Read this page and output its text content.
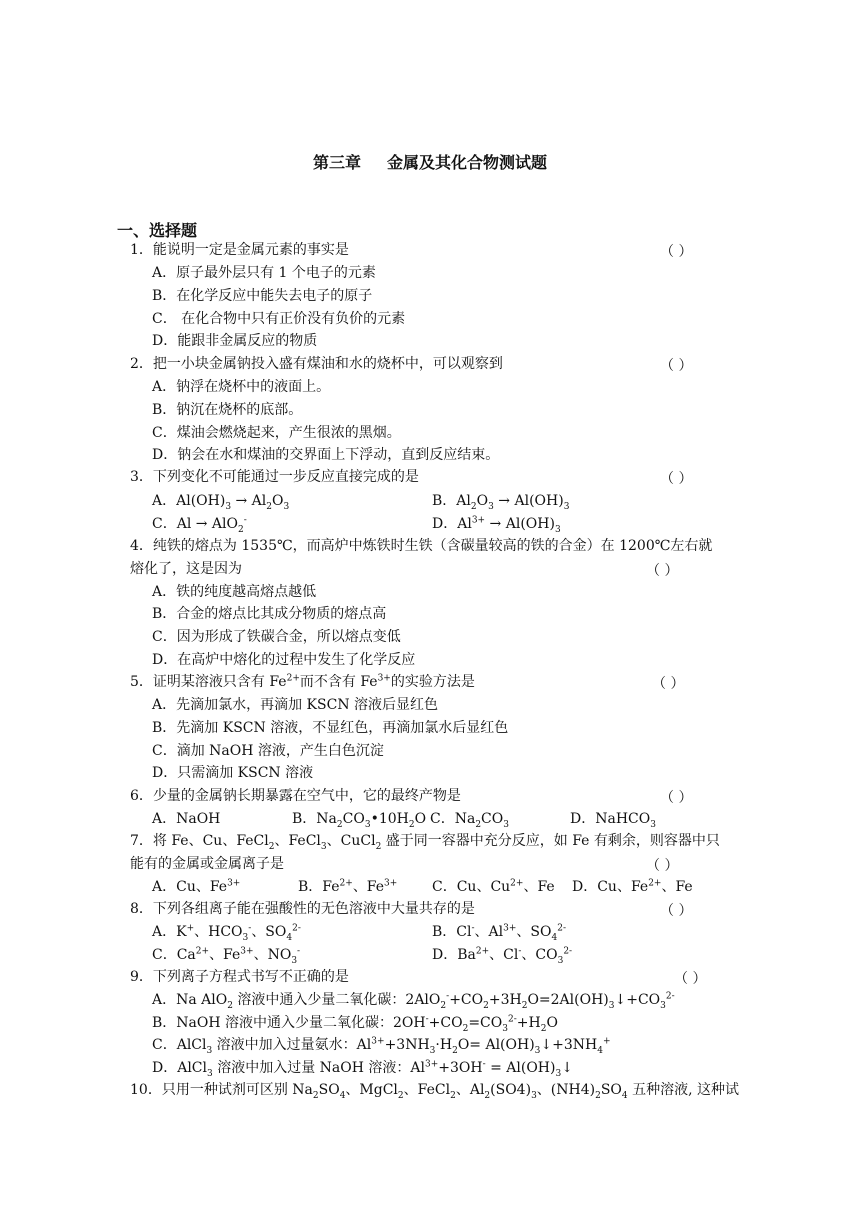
第三章 金属及其化合物测试题
一、选择题
1．能说明一定是金属元素的事实是	（ ）
A．原子最外层只有 1 个电子的元素
B．在化学反应中能失去电子的原子
C． 在化合物中只有正价没有负价的元素
D．能跟非金属反应的物质
2．把一小块金属钠投入盛有煤油和水的烧杯中，可以观察到	（ ）
A．钠浮在烧杯中的液面上。
B．钠沉在烧杯的底部。
C．煤油会燃烧起来，产生很浓的黑烟。
D．钠会在水和煤油的交界面上下浮动，直到反应结束。
3．下列变化不可能通过一步反应直接完成的是	（ ）
A．$Al(OH)_3 \to Al_2O_3$	B．$Al_2O_3 \to Al(OH)_3$
C．Al → AlO$_2$-	D．$Al^{3+} \to Al(OH)_3$
4．纯铁的熔点为 1535℃，而高炉中炼铁时生铁（含碳量较高的铁的合金）在 1200℃左右就
熔化了，这是因为	（ ）
A．铁的纯度越高熔点越低
B．合金的熔点比其成分物质的熔点高
C．因为形成了铁碳合金，所以熔点变低
D．在高炉中熔化的过程中发生了化学反应
5．证明某溶液只含有 $Fe^{2+}$而不含有 $Fe^{3+}$的实验方法是	（ ）
A．先滴加氯水，再滴加 KSCN 溶液后显红色
B．先滴加 KSCN 溶液，不显红色，再滴加氯水后显红色
C．滴加 NaOH 溶液，产生白色沉淀
D．只需滴加 KSCN 溶液
6．少量的金属钠长期暴露在空气中，它的最终产物是	（ ）
A．NaOH	B．$Na_2CO_3•10H_2O$ C．$Na_2CO_3$	D．NaHCO$_3$
7．将 Fe、Cu、FeCl$_2$、FeCl$_3$、CuCl$_2$ 盛于同一容器中充分反应，如 Fe 有剩余，则容器中只
能有的金属或金属离子是	（ ）
A．Cu、$Fe^{3+}$	B．$Fe^{2+}$、$Fe^{3+}$ C．Cu、$Cu^{2+}$、Fe D．Cu、$Fe^{2+}$、Fe
8．下列各组离子能在强酸性的无色溶液中大量共存的是	（ ）
A．K+、$HCO_3^-$、$SO_4^{2-}$	B．Cl-、$Al^{3+}$、$SO_4^{2-}$
C．$Ca^{2+}$、$Fe^{3+}$、$NO_3^-$	D．$Ba^{2+}$、Cl-、$CO_3^{2-}$
9．下列离子方程式书写不正确的是	（ ）
A．Na AlO$_2$ 溶液中通入少量二氧化碳：$2AlO_2^-+CO_2+3H_2O=2Al(OH)_3↓+CO_3^{2-}$
B．NaOH 溶液中通入少量二氧化碳：$2OH^-+CO_2=CO_3^{2-}+H_2O$
C．AlCl$_3$ 溶液中加入过量氨水：$Al^{3+}+3NH_3\cdot H_2O=$ $Al(OH)_3↓+3NH_4^+$
D．AlCl$_3$ 溶液中加入过量 NaOH 溶液：$Al^{3+}+3OH^-$ = $Al(OH)_3↓$
10．只用一种试剂可区别 $Na_2SO_4$、MgCl$_2$、FeCl$_2$、$Al_2(SO4)_3$、$(NH4)_2SO_4$ 五种溶液, 这种试
